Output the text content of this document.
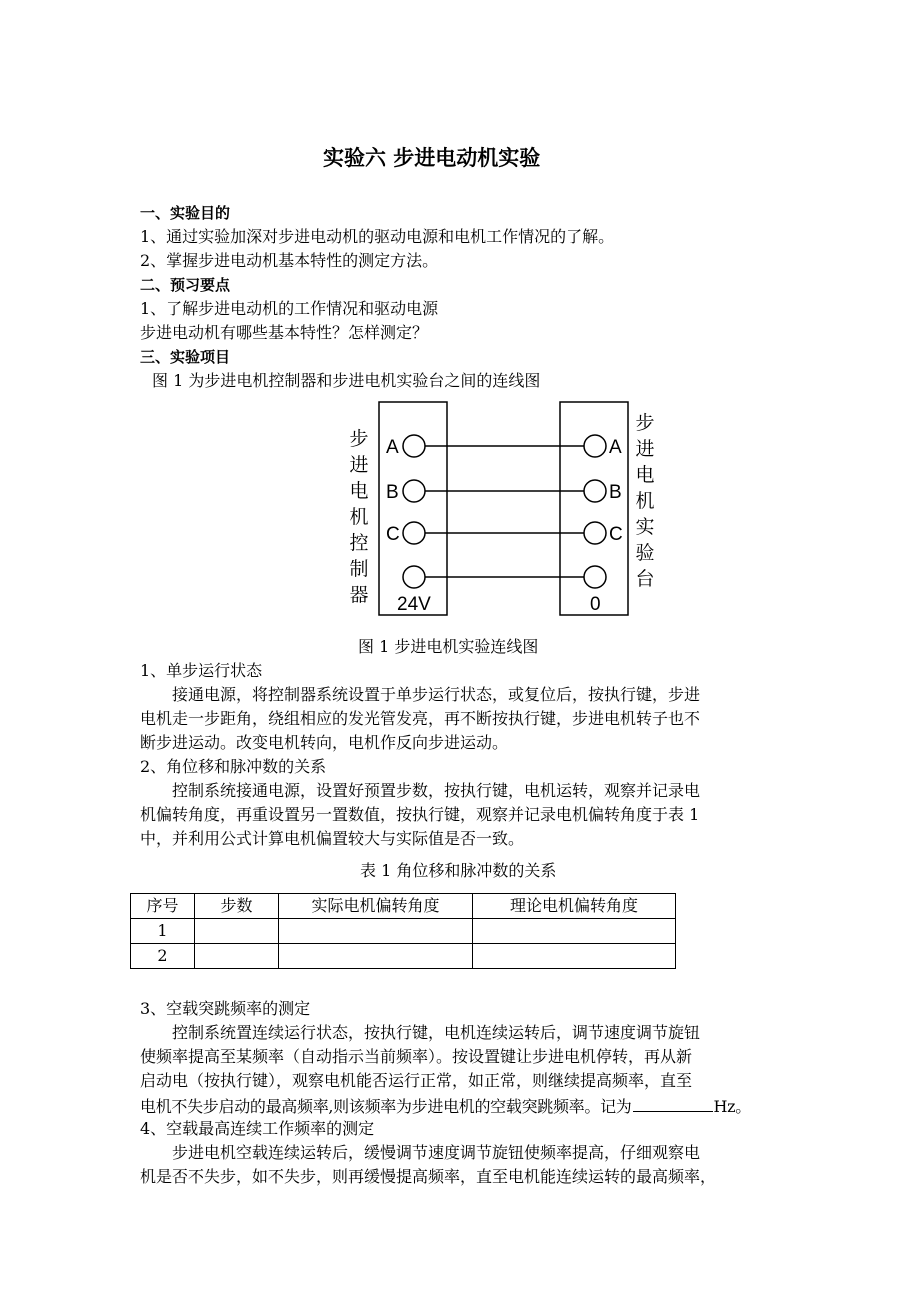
实验六 步进电动机实验
一、实验目的
1、通过实验加深对步进电动机的驱动电源和电机工作情况的了解。
2、掌握步进电动机基本特性的测定方法。
二、预习要点
1、了解步进电动机的工作情况和驱动电源
步进电动机有哪些基本特性？怎样测定？
三、实验项目
图 1 为步进电机控制器和步进电机实验台之间的连线图
A
B
C
24V
A
B
C
0
步
进
电
机
控
制
器
步
进
电
机
实
验
台
图 1 步进电机实验连线图
1、单步运行状态
接通电源，将控制器系统设置于单步运行状态，或复位后，按执行键，步进
电机走一步距角，绕组相应的发光管发亮，再不断按执行键，步进电机转子也不
断步进运动。改变电机转向，电机作反向步进运动。
2、角位移和脉冲数的关系
控制系统接通电源，设置好预置步数，按执行键，电机运转，观察并记录电
机偏转角度，再重设置另一置数值，按执行键，观察并记录电机偏转角度于表 1
中，并利用公式计算电机偏置较大与实际值是否一致。
表 1 角位移和脉冲数的关系
序号	步数	实际电机偏转角度	理论电机偏转角度
1			
2			
3、空载突跳频率的测定
控制系统置连续运行状态，按执行键，电机连续运转后，调节速度调节旋钮
使频率提高至某频率（自动指示当前频率）。按设置键让步进电机停转，再从新
启动电（按执行键），观察电机能否运行正常，如正常，则继续提高频率，直至
电机不失步启动的最高频率,则该频率为步进电机的空载突跳频率。记为	Hz。
4、空载最高连续工作频率的测定
步进电机空载连续运转后，缓慢调节速度调节旋钮使频率提高，仔细观察电
机是否不失步，如不失步，则再缓慢提高频率，直至电机能连续运转的最高频率，
